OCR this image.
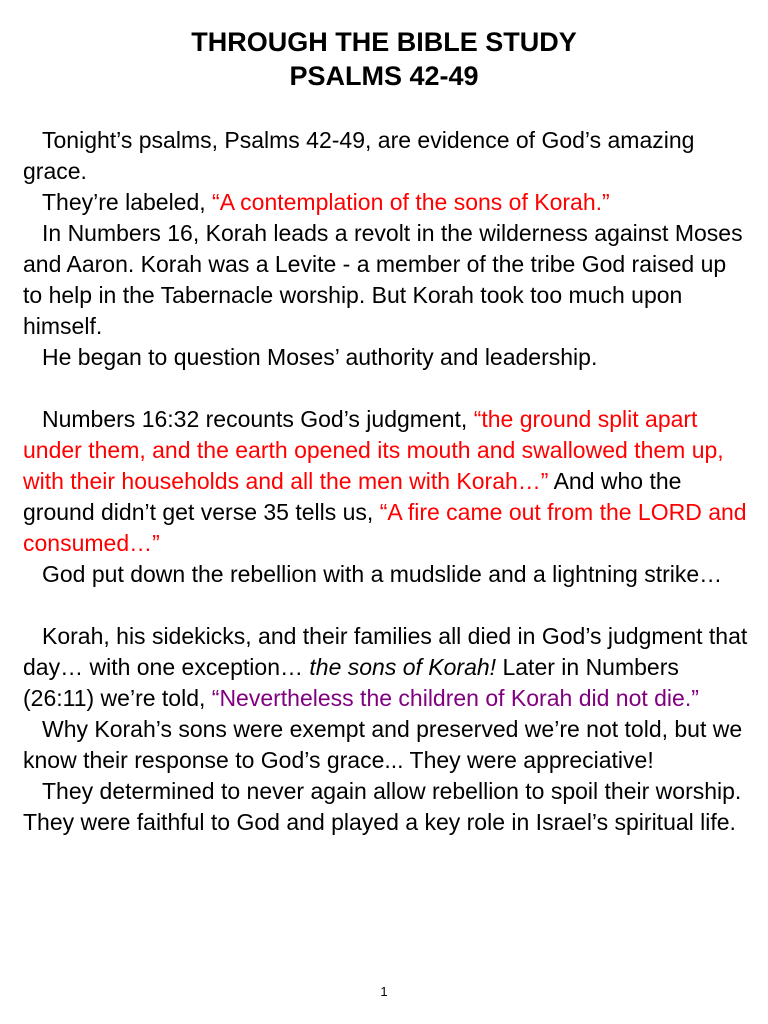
THROUGH THE BIBLE STUDY
PSALMS 42-49

Tonight’s psalms, Psalms 42-49, are evidence of God’s amazing grace.

They’re labeled, “A contemplation of the sons of Korah.”

In Numbers 16, Korah leads a revolt in the wilderness against Moses and Aaron. Korah was a Levite - a member of the tribe God raised up to help in the Tabernacle worship. But Korah took too much upon himself.

He began to question Moses’ authority and leadership.

Numbers 16:32 recounts God’s judgment, “the ground split apart under them, and the earth opened its mouth and swallowed them up, with their households and all the men with Korah…” And who the ground didn’t get verse 35 tells us, “A fire came out from the LORD and consumed…”

God put down the rebellion with a mudslide and a lightning strike…

Korah, his sidekicks, and their families all died in God’s judgment that day… with one exception… the sons of Korah! Later in Numbers (26:11) we’re told, “Nevertheless the children of Korah did not die.”

Why Korah’s sons were exempt and preserved we’re not told, but we know their response to God’s grace... They were appreciative!

They determined to never again allow rebellion to spoil their worship. They were faithful to God and played a key role in Israel’s spiritual life.

1
